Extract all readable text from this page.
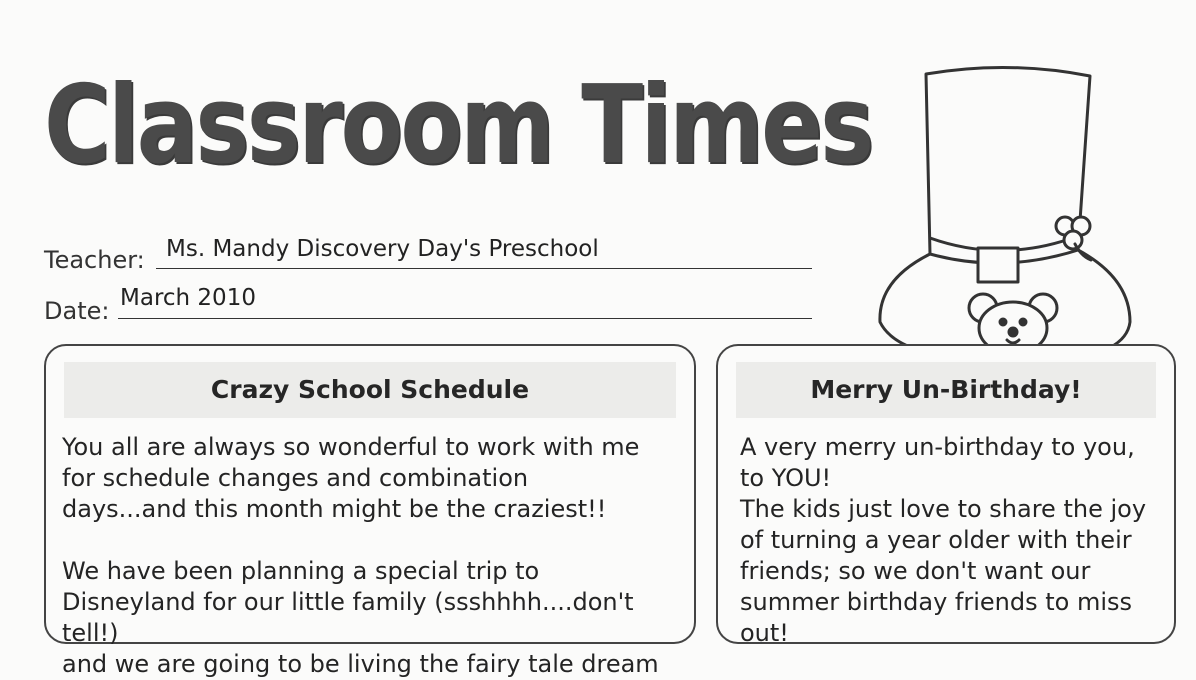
Classroom Times
Teacher: Ms. Mandy Discovery Day's Preschool
Date: March 2010
Crazy School Schedule
You all are always so wonderful to work with me
for schedule changes and combination
days...and this month might be the craziest!!

We have been planning a special trip to
Disneyland for our little family (ssshhhh....don't tell!)
and we are going to be living the fairy tale dream
Merry Un-Birthday!
A very merry un-birthday to you,
to YOU!
The kids just love to share the joy
of turning a year older with their
friends; so we don't want our
summer birthday friends to miss
out!
